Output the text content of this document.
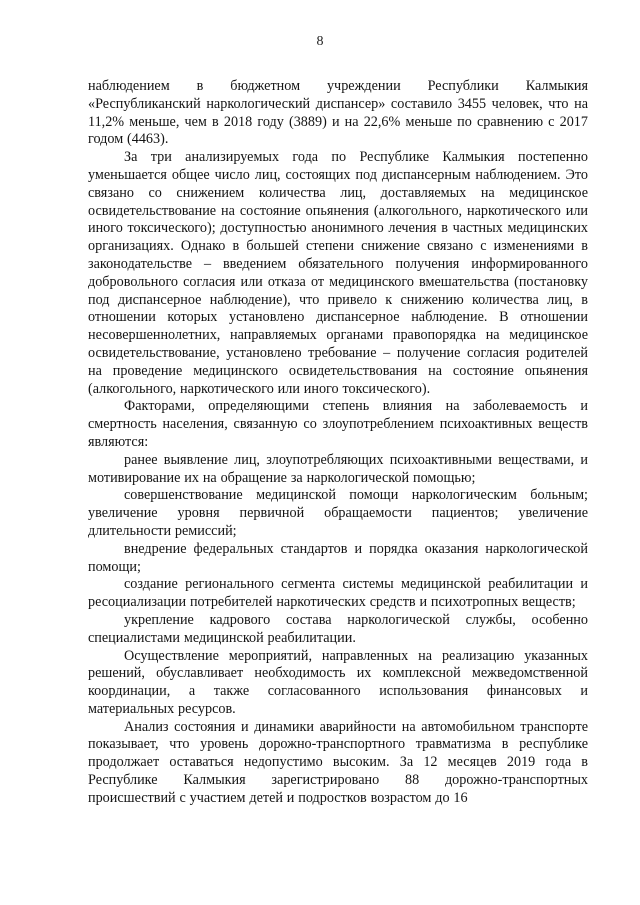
8

наблюдением в бюджетном учреждении Республики Калмыкия «Республиканский наркологический диспансер» составило 3455 человек, что на 11,2% меньше, чем в 2018 году (3889) и на 22,6% меньше по сравнению с 2017 годом (4463).

За три анализируемых года по Республике Калмыкия постепенно уменьшается общее число лиц, состоящих под диспансерным наблюдением. Это связано со снижением количества лиц, доставляемых на медицинское освидетельствование на состояние опьянения (алкогольного, наркотического или иного токсического); доступностью анонимного лечения в частных медицинских организациях. Однако в большей степени снижение связано с изменениями в законодательстве – введением обязательного получения информированного добровольного согласия или отказа от медицинского вмешательства (постановку под диспансерное наблюдение), что привело к снижению количества лиц, в отношении которых установлено диспансерное наблюдение. В отношении несовершеннолетних, направляемых органами правопорядка на медицинское освидетельствование, установлено требование – получение согласия родителей на проведение медицинского освидетельствования на состояние опьянения (алкогольного, наркотического или иного токсического).

Факторами, определяющими степень влияния на заболеваемость и смертность населения, связанную со злоупотреблением психоактивных веществ являются:

ранее выявление лиц, злоупотребляющих психоактивными веществами, и мотивирование их на обращение за наркологической помощью;

совершенствование медицинской помощи наркологическим больным; увеличение уровня первичной обращаемости пациентов; увеличение длительности ремиссий;

внедрение федеральных стандартов и порядка оказания наркологической помощи;

создание регионального сегмента системы медицинской реабилитации и ресоциализации потребителей наркотических средств и психотропных веществ;

укрепление кадрового состава наркологической службы, особенно специалистами медицинской реабилитации.

Осуществление мероприятий, направленных на реализацию указанных решений, обуславливает необходимость их комплексной межведомственной координации, а также согласованного использования финансовых и материальных ресурсов.

Анализ состояния и динамики аварийности на автомобильном транспорте показывает, что уровень дорожно-транспортного травматизма в республике продолжает оставаться недопустимо высоким. За 12 месяцев 2019 года в Республике Калмыкия зарегистрировано 88 дорожно-транспортных происшествий с участием детей и подростков возрастом до 16
